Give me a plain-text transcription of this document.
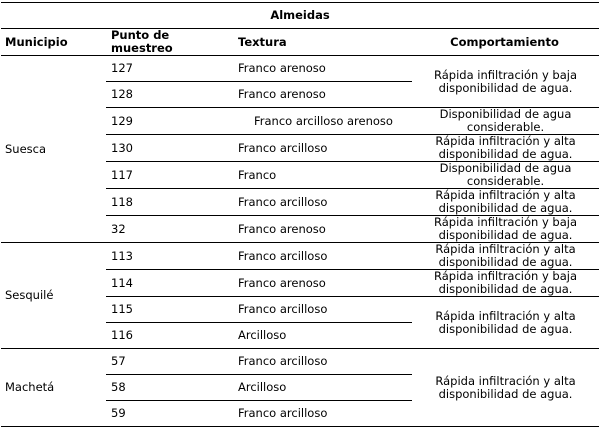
Almeidas			
Municipio	Punto de muestreo	Textura	Comportamiento
Suesca	127	Franco arenoso	Rápida infiltración y baja disponibilidad de agua.
	128	Franco arenoso	
	129	Franco arcilloso arenoso	Disponibilidad de agua considerable.
	130	Franco arcilloso	Rápida infiltración y alta disponibilidad de agua.
	117	Franco	Disponibilidad de agua considerable.
	118	Franco arcilloso	Rápida infiltración y alta disponibilidad de agua.
	32	Franco arenoso	Rápida infiltración y baja disponibilidad de agua.
Sesquilé	113	Franco arcilloso	Rápida infiltración y alta disponibilidad de agua.
	114	Franco arenoso	Rápida infiltración y baja disponibilidad de agua.
	115	Franco arcilloso	Rápida infiltración y alta disponibilidad de agua.
	116	Arcilloso	
Machetá	57	Franco arcilloso	Rápida infiltración y alta disponibilidad de agua.
	58	Arcilloso	
	59	Franco arcilloso	
